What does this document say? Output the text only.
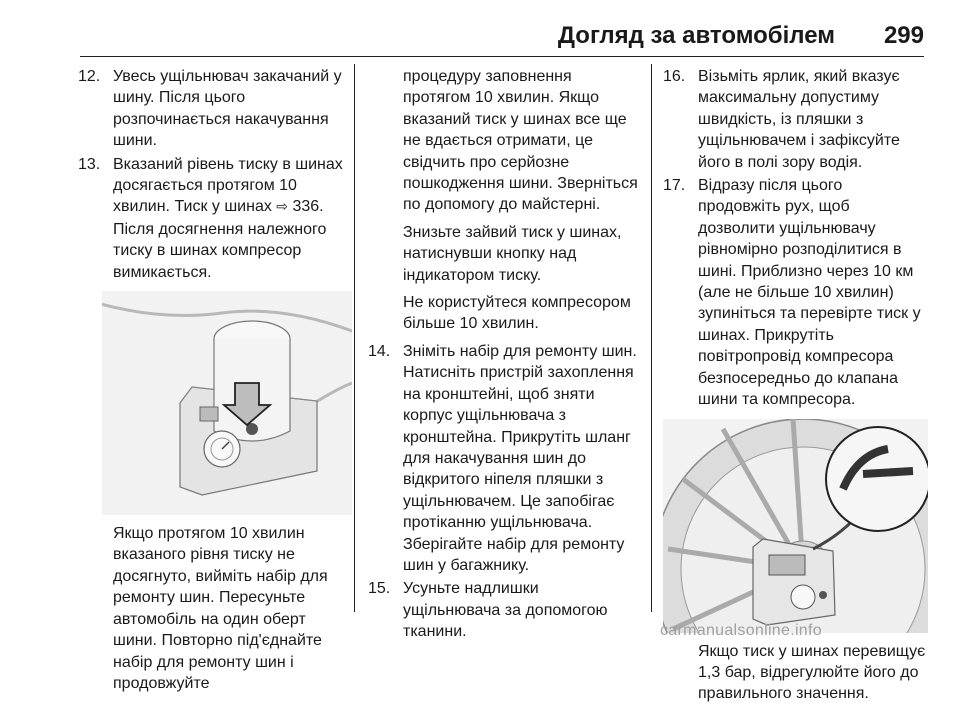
Догляд за автомобілем 299
12. Увесь ущільнювач закачаний у шину. Після цього розпочинається накачування шини.
13. Вказаний рівень тиску в шинах досягається протягом 10 хвилин. Тиск у шинах ⇨ 336. Після досягнення належного тиску в шинах компресор вимикається.
Якщо протягом 10 хвилин вказаного рівня тиску не досягнуто, вийміть набір для ремонту шин. Пересуньте автомобіль на один оберт шини. Повторно під'єднайте набір для ремонту шин і продовжуйте
процедуру заповнення протягом 10 хвилин. Якщо вказаний тиск у шинах все ще не вдається отримати, це свідчить про серйозне пошкодження шини. Зверніться по допомогу до майстерні.
Знизьте зайвий тиск у шинах, натиснувши кнопку над індикатором тиску.
Не користуйтеся компресором більше 10 хвилин.
14. Зніміть набір для ремонту шин. Натисніть пристрій захоплення на кронштейні, щоб зняти корпус ущільнювача з кронштейна. Прикрутіть шланг для накачування шин до відкритого ніпеля пляшки з ущільнювачем. Це запобігає протіканню ущільнювача. Зберігайте набір для ремонту шин у багажнику.
15. Усуньте надлишки ущільнювача за допомогою тканини.
16. Візьміть ярлик, який вказує максимальну допустиму швидкість, із пляшки з ущільнювачем і зафіксуйте його в полі зору водія.
17. Відразу після цього продовжіть рух, щоб дозволити ущільнювачу рівномірно розподілитися в шині. Приблизно через 10 км (але не більше 10 хвилин) зупиніться та перевірте тиск у шинах. Прикрутіть повітропровід компресора безпосередньо до клапана шини та компресора.
Якщо тиск у шинах перевищує 1,3 бар, відрегулюйте його до правильного значення.
carmanualsonline.info
